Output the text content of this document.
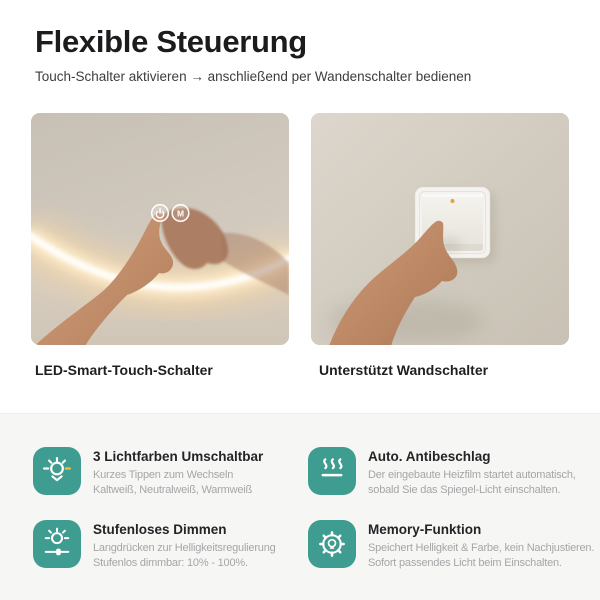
Flexible Steuerung

Touch-Schalter aktivieren → anschließend per Wandenschalter bedienen

M
LED-Smart-Touch-Schalter	Unterstützt Wandschalter

3 Lichtfarben Umschaltbar

Kurzes Tippen zum Wechseln

Kaltweiß, Neutralweiß, Warmweiß

Auto. Antibeschlag

Der eingebaute Heizfilm startet automatisch,

sobald Sie das Spiegel-Licht einschalten.

Stufenloses Dimmen

Langdrücken zur Helligkeitsregulierung

Stufenlos dimmbar: 10% - 100%.

Memory-Funktion

Speichert Helligkeit & Farbe, kein Nachjustieren.

Sofort passendes Licht beim Einschalten.
